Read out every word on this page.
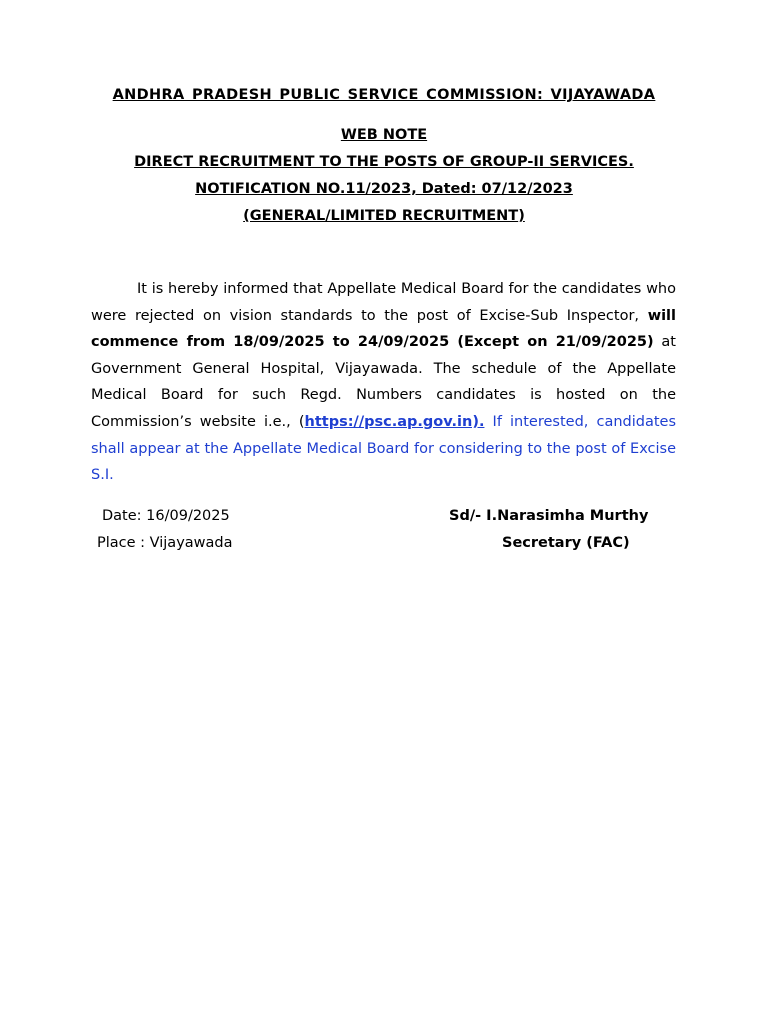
ANDHRA PRADESH PUBLIC SERVICE COMMISSION: VIJAYAWADA
WEB NOTE
DIRECT RECRUITMENT TO THE POSTS OF GROUP-II SERVICES.
NOTIFICATION NO.11/2023, Dated: 07/12/2023
(GENERAL/LIMITED RECRUITMENT)
It is hereby informed that Appellate Medical Board for the candidates who were rejected on vision standards to the post of Excise-Sub Inspector, will commence from 18/09/2025 to 24/09/2025 (Except on 21/09/2025) at Government General Hospital, Vijayawada. The schedule of the Appellate Medical Board for such Regd. Numbers candidates is hosted on the Commission’s website i.e., (https://psc.ap.gov.in). If interested, candidates shall appear at the Appellate Medical Board for considering to the post of Excise S.I.
Date: 16/09/2025
Place : Vijayawada
Sd/- I.Narasimha Murthy
Secretary (FAC)
